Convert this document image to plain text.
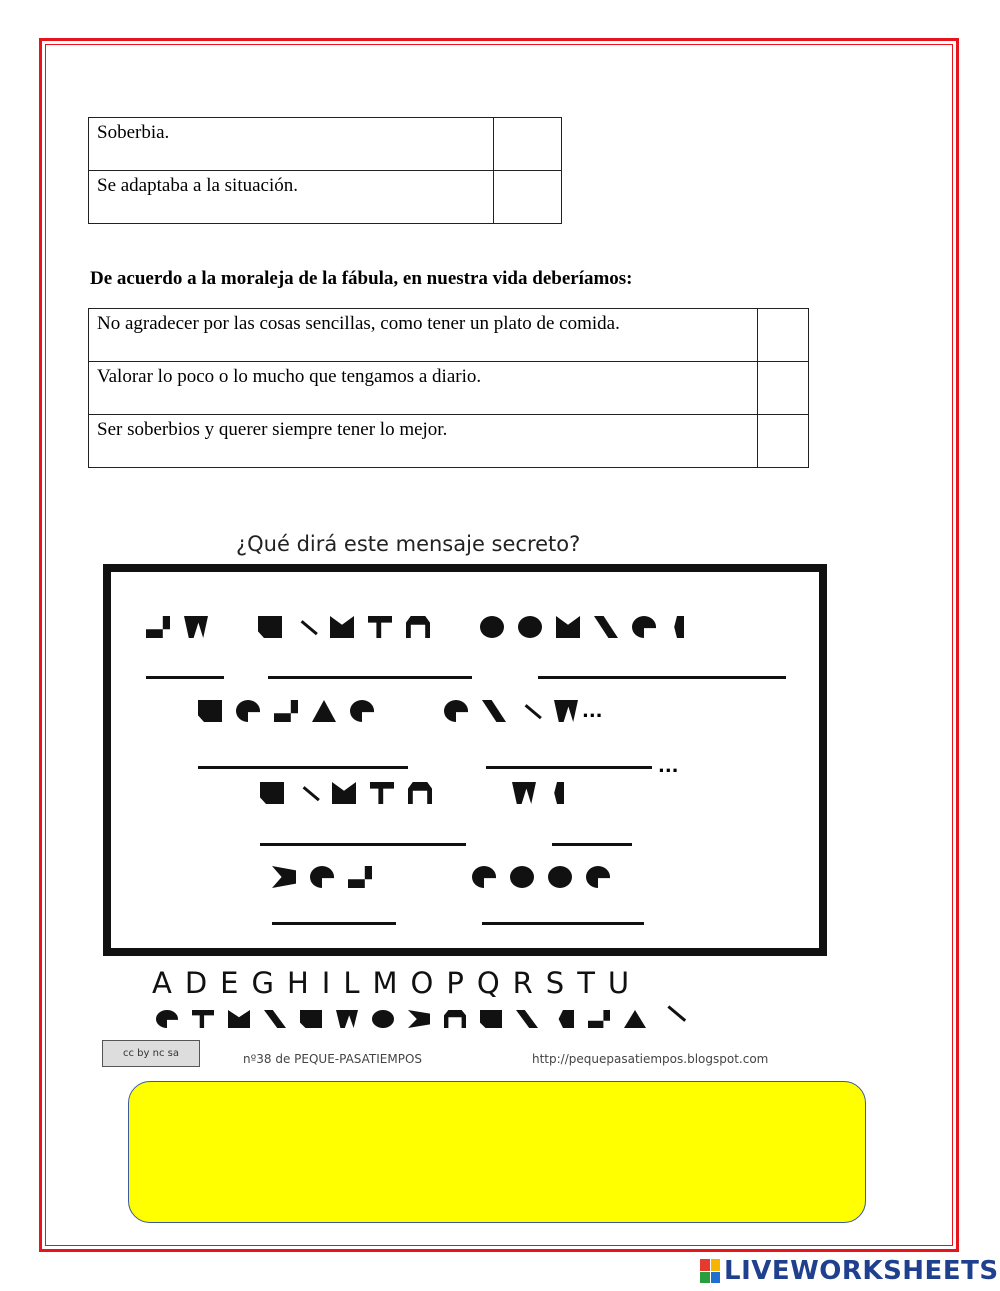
Soberbia.	
Se adaptaba a la situación.	
De acuerdo a la moraleja de la fábula, en nuestra vida deberíamos:
No agradecer por las cosas sencillas, como tener un plato de comida.	
Valorar lo poco o lo mucho que tengamos a diario.	
Ser soberbios y querer siempre tener lo mejor.	
¿Qué dirá este mensaje secreto?
...
...
ADEGHILMOPQRSTU
cc by nc sa	nº38 de PEQUE-PASATIEMPOS	http://pequepasatiempos.blogspot.com
LIVEWORKSHEETS
